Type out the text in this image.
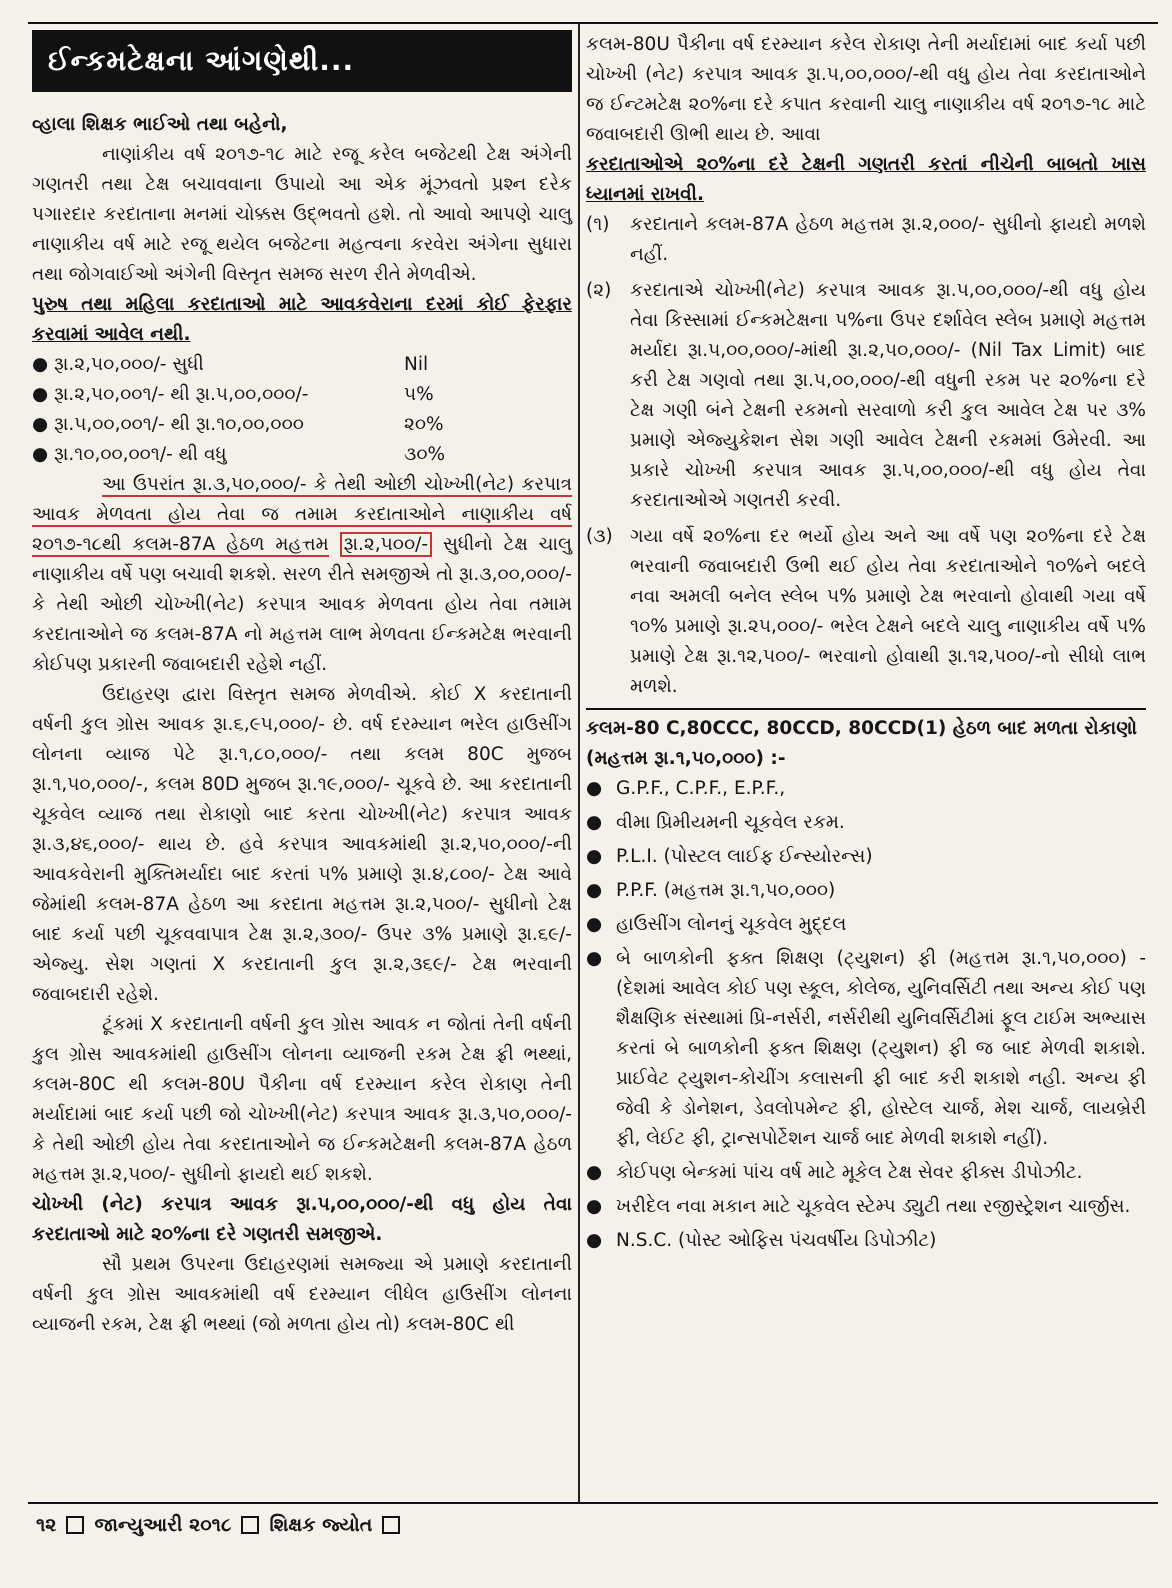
ઈન્કમટેક્ષના આંગણેથી...

વ્હાલા શિક્ષક ભાઈઓ તથા બહેનો,

નાણાંકીય વર્ષ ૨૦૧૭-૧૮ માટે રજૂ કરેલ બજેટથી ટેક્ષ અંગેની ગણતરી તથા ટેક્ષ બચાવવાના ઉપાયો આ એક મૂંઝવતો પ્રશ્ન દરેક પગારદાર કરદાતાના મનમાં ચોક્કસ ઉદ્ભવતો હશે. તો આવો આપણે ચાલુ નાણાકીય વર્ષ માટે રજૂ થયેલ બજેટના મહત્વના કરવેરા અંગેના સુધારા તથા જોગવાઈઓ અંગેની વિસ્તૃત સમજ સરળ રીતે મેળવીએ.

પુરુષ તથા મહિલા કરદાતાઓ માટે આવકવેરાના દરમાં કોઈ ફેરફાર કરવામાં આવેલ નથી.

● રૂા.૨,૫૦,૦૦૦/- સુધી	Nil
● રૂા.૨,૫૦,૦૦૧/- થી રૂા.૫,૦૦,૦૦૦/-	૫%
● રૂા.૫,૦૦,૦૦૧/- થી રૂા.૧૦,૦૦,૦૦૦	૨૦%
● રૂા.૧૦,૦૦,૦૦૧/- થી વધુ	૩૦%

આ ઉપરાંત રૂા.૩,૫૦,૦૦૦/- કે તેથી ઓછી ચોખ્ખી(નેટ) કરપાત્ર આવક મેળવતા હોય તેવા જ તમામ કરદાતાઓને નાણાકીય વર્ષ ૨૦૧૭-૧૮થી કલમ-87A હેઠળ મહત્તમ રૂા.૨,૫૦૦/- સુધીનો ટેક્ષ ચાલુ નાણાકીય વર્ષે પણ બચાવી શકશે. સરળ રીતે સમજીએ તો રૂા.૩,૦૦,૦૦૦/- કે તેથી ઓછી ચોખ્ખી(નેટ) કરપાત્ર આવક મેળવતા હોય તેવા તમામ કરદાતાઓને જ કલમ-87A નો મહત્તમ લાભ મેળવતા ઈન્કમટેક્ષ ભરવાની કોઈપણ પ્રકારની જવાબદારી રહેશે નહીં.

ઉદાહરણ દ્વારા વિસ્તૃત સમજ મેળવીએ. કોઈ X કરદાતાની વર્ષની કુલ ગ્રોસ આવક રૂા.૬,૯૫,૦૦૦/- છે. વર્ષ દરમ્યાન ભરેલ હાઉસીંગ લોનના વ્યાજ પેટે રૂા.૧,૮૦,૦૦૦/- તથા કલમ 80C મુજબ રૂા.૧,૫૦,૦૦૦/-, કલમ 80D મુજબ રૂા.૧૯,૦૦૦/- ચૂકવે છે. આ કરદાતાની ચૂકવેલ વ્યાજ તથા રોકાણો બાદ કરતા ચોખ્ખી(નેટ) કરપાત્ર આવક રૂા.૩,૪૬,૦૦૦/- થાય છે. હવે કરપાત્ર આવકમાંથી રૂા.૨,૫૦,૦૦૦/-ની આવકવેરાની મુક્તિમર્યાદા બાદ કરતાં ૫% પ્રમાણે રૂા.૪,૮૦૦/- ટેક્ષ આવે જેમાંથી કલમ-87A હેઠળ આ કરદાતા મહત્તમ રૂા.૨,૫૦૦/- સુધીનો ટેક્ષ બાદ કર્યા પછી ચૂકવવાપાત્ર ટેક્ષ રૂા.૨,૩૦૦/- ઉપર ૩% પ્રમાણે રૂા.૬૯/- એજ્યુ. સેશ ગણતાં X કરદાતાની કુલ રૂા.૨,૩૬૯/- ટેક્ષ ભરવાની જવાબદારી રહેશે.

ટૂંકમાં X કરદાતાની વર્ષની કુલ ગ્રોસ આવક ન જોતાં તેની વર્ષની કુલ ગ્રોસ આવકમાંથી હાઉસીંગ લોનના વ્યાજની રકમ ટેક્ષ ફ્રી ભથ્થાં, કલમ-80C થી કલમ-80U પૈકીના વર્ષ દરમ્યાન કરેલ રોકાણ તેની મર્યાદામાં બાદ કર્યા પછી જો ચોખ્ખી(નેટ) કરપાત્ર આવક રૂા.૩,૫૦,૦૦૦/- કે તેથી ઓછી હોય તેવા કરદાતાઓને જ ઈન્કમટેક્ષની કલમ-87A હેઠળ મહત્તમ રૂા.૨,૫૦૦/- સુધીનો ફાયદો થઈ શકશે.

ચોખ્ખી (નેટ) કરપાત્ર આવક રૂા.૫,૦૦,૦૦૦/-થી વધુ હોય તેવા કરદાતાઓ માટે ૨૦%ના દરે ગણતરી સમજીએ.

સૌ પ્રથમ ઉપરના ઉદાહરણમાં સમજ્યા એ પ્રમાણે કરદાતાની વર્ષની કુલ ગ્રોસ આવકમાંથી વર્ષ દરમ્યાન લીધેલ હાઉસીંગ લોનના વ્યાજની રકમ, ટેક્ષ ફ્રી ભથ્થાં (જો મળતા હોય તો) કલમ-80C થી

કલમ-80U પૈકીના વર્ષ દરમ્યાન કરેલ રોકાણ તેની મર્યાદામાં બાદ કર્યા પછી ચોખ્ખી (નેટ) કરપાત્ર આવક રૂા.૫,૦૦,૦૦૦/-થી વધુ હોય તેવા કરદાતાઓને જ ઈન્ટમટેક્ષ ૨૦%ના દરે કપાત કરવાની ચાલુ નાણાકીય વર્ષ ૨૦૧૭-૧૮ માટે જવાબદારી ઊભી થાય છે. આવા

કરદાતાઓએ ૨૦%ના દરે ટેક્ષની ગણતરી કરતાં નીચેની બાબતો ખાસ ધ્યાનમાં રાખવી.

(૧)	કરદાતાને કલમ-87A હેઠળ મહત્તમ રૂા.૨,૦૦૦/- સુધીનો ફાયદો મળશે નહીં.
(૨)	કરદાતાએ ચોખ્ખી(નેટ) કરપાત્ર આવક રૂા.૫,૦૦,૦૦૦/-થી વધુ હોય તેવા કિસ્સામાં ઈન્કમટેક્ષના ૫%ના ઉપર દર્શાવેલ સ્લેબ પ્રમાણે મહત્તમ મર્યાદા રૂા.૫,૦૦,૦૦૦/-માંથી રૂા.૨,૫૦,૦૦૦/- (Nil Tax Limit) બાદ કરી ટેક્ષ ગણવો તથા રૂા.૫,૦૦,૦૦૦/-થી વધુની રકમ પર ૨૦%ના દરે ટેક્ષ ગણી બંને ટેક્ષની રકમનો સરવાળો કરી કુલ આવેલ ટેક્ષ પર ૩% પ્રમાણે એજ્યુકેશન સેશ ગણી આવેલ ટેક્ષની રકમમાં ઉમેરવી. આ પ્રકારે ચોખ્ખી કરપાત્ર આવક રૂા.૫,૦૦,૦૦૦/-થી વધુ હોય તેવા કરદાતાઓએ ગણતરી કરવી.
(૩) ગયા વર્ષે ૨૦%ના દર ભર્યો હોય અને આ વર્ષે પણ ૨૦%ના દરે ટેક્ષ ભરવાની જવાબદારી ઉભી થઈ હોય તેવા કરદાતાઓને ૧૦%ને બદલે નવા અમલી બનેલ સ્લેબ ૫% પ્રમાણે ટેક્ષ ભરવાનો હોવાથી ગયા વર્ષે ૧૦% પ્રમાણે રૂા.૨૫,૦૦૦/- ભરેલ ટેક્ષને બદલે ચાલુ નાણાકીય વર્ષે ૫% પ્રમાણે ટેક્ષ રૂા.૧૨,૫૦૦/- ભરવાનો હોવાથી રૂા.૧૨,૫૦૦/-નો સીધો લાભ મળશે.

કલમ-80 C,80CCC, 80CCD, 80CCD(1) હેઠળ બાદ મળતા રોકાણો

(મહત્તમ રૂા.૧,૫૦,૦૦૦) :-

● G.P.F., C.P.F., E.P.F.,
● વીમા પ્રિમીયમની ચૂકવેલ રકમ.
● P.L.I. (પોસ્ટલ લાઈફ ઈન્સ્યોરન્સ)
● P.P.F. (મહત્તમ રૂા.૧,૫૦,૦૦૦)
● હાઉસીંગ લોનનું ચૂકવેલ મુદ્દલ
● બે બાળકોની ફક્ત શિક્ષણ (ટ્યુશન) ફી (મહત્તમ રૂા.૧,૫૦,૦૦૦) - (દેશમાં આવેલ કોઈ પણ સ્કૂલ, કોલેજ, યુનિવર્સિટી તથા અન્ય કોઈ પણ શૈક્ષણિક સંસ્થામાં પ્રિ-નર્સરી, નર્સરીથી યુનિવર્સિટીમાં ફૂલ ટાઈમ અભ્યાસ કરતાં બે બાળકોની ફક્ત શિક્ષણ (ટ્યુશન) ફી જ બાદ મેળવી શકાશે. પ્રાઈવેટ ટ્યુશન-કોચીંગ કલાસની ફી બાદ કરી શકાશે નહી. અન્ય ફી જેવી કે ડોનેશન, ડેવલોપમેન્ટ ફી, હોસ્ટેલ ચાર્જ, મેશ ચાર્જ, લાયબ્રેરી ફી, લેઈટ ફી, ટ્રાન્સપોર્ટેશન ચાર્જ બાદ મેળવી શકાશે નહીં).
● કોઈપણ બેન્કમાં પાંચ વર્ષ માટે મૂકેલ ટેક્ષ સેવર ફીક્સ ડીપોઝીટ.
● ખરીદેલ નવા મકાન માટે ચૂકવેલ સ્ટેમ્પ ડ્યુટી તથા રજીસ્ટ્રેશન ચાર્જીસ.
● N.S.C. (પોસ્ટ ઓફિસ પંચવર્ષીય ડિપોઝીટ)
૧૨ જાન્યુઆરી ૨૦૧૮ શિક્ષક જ્યોત
